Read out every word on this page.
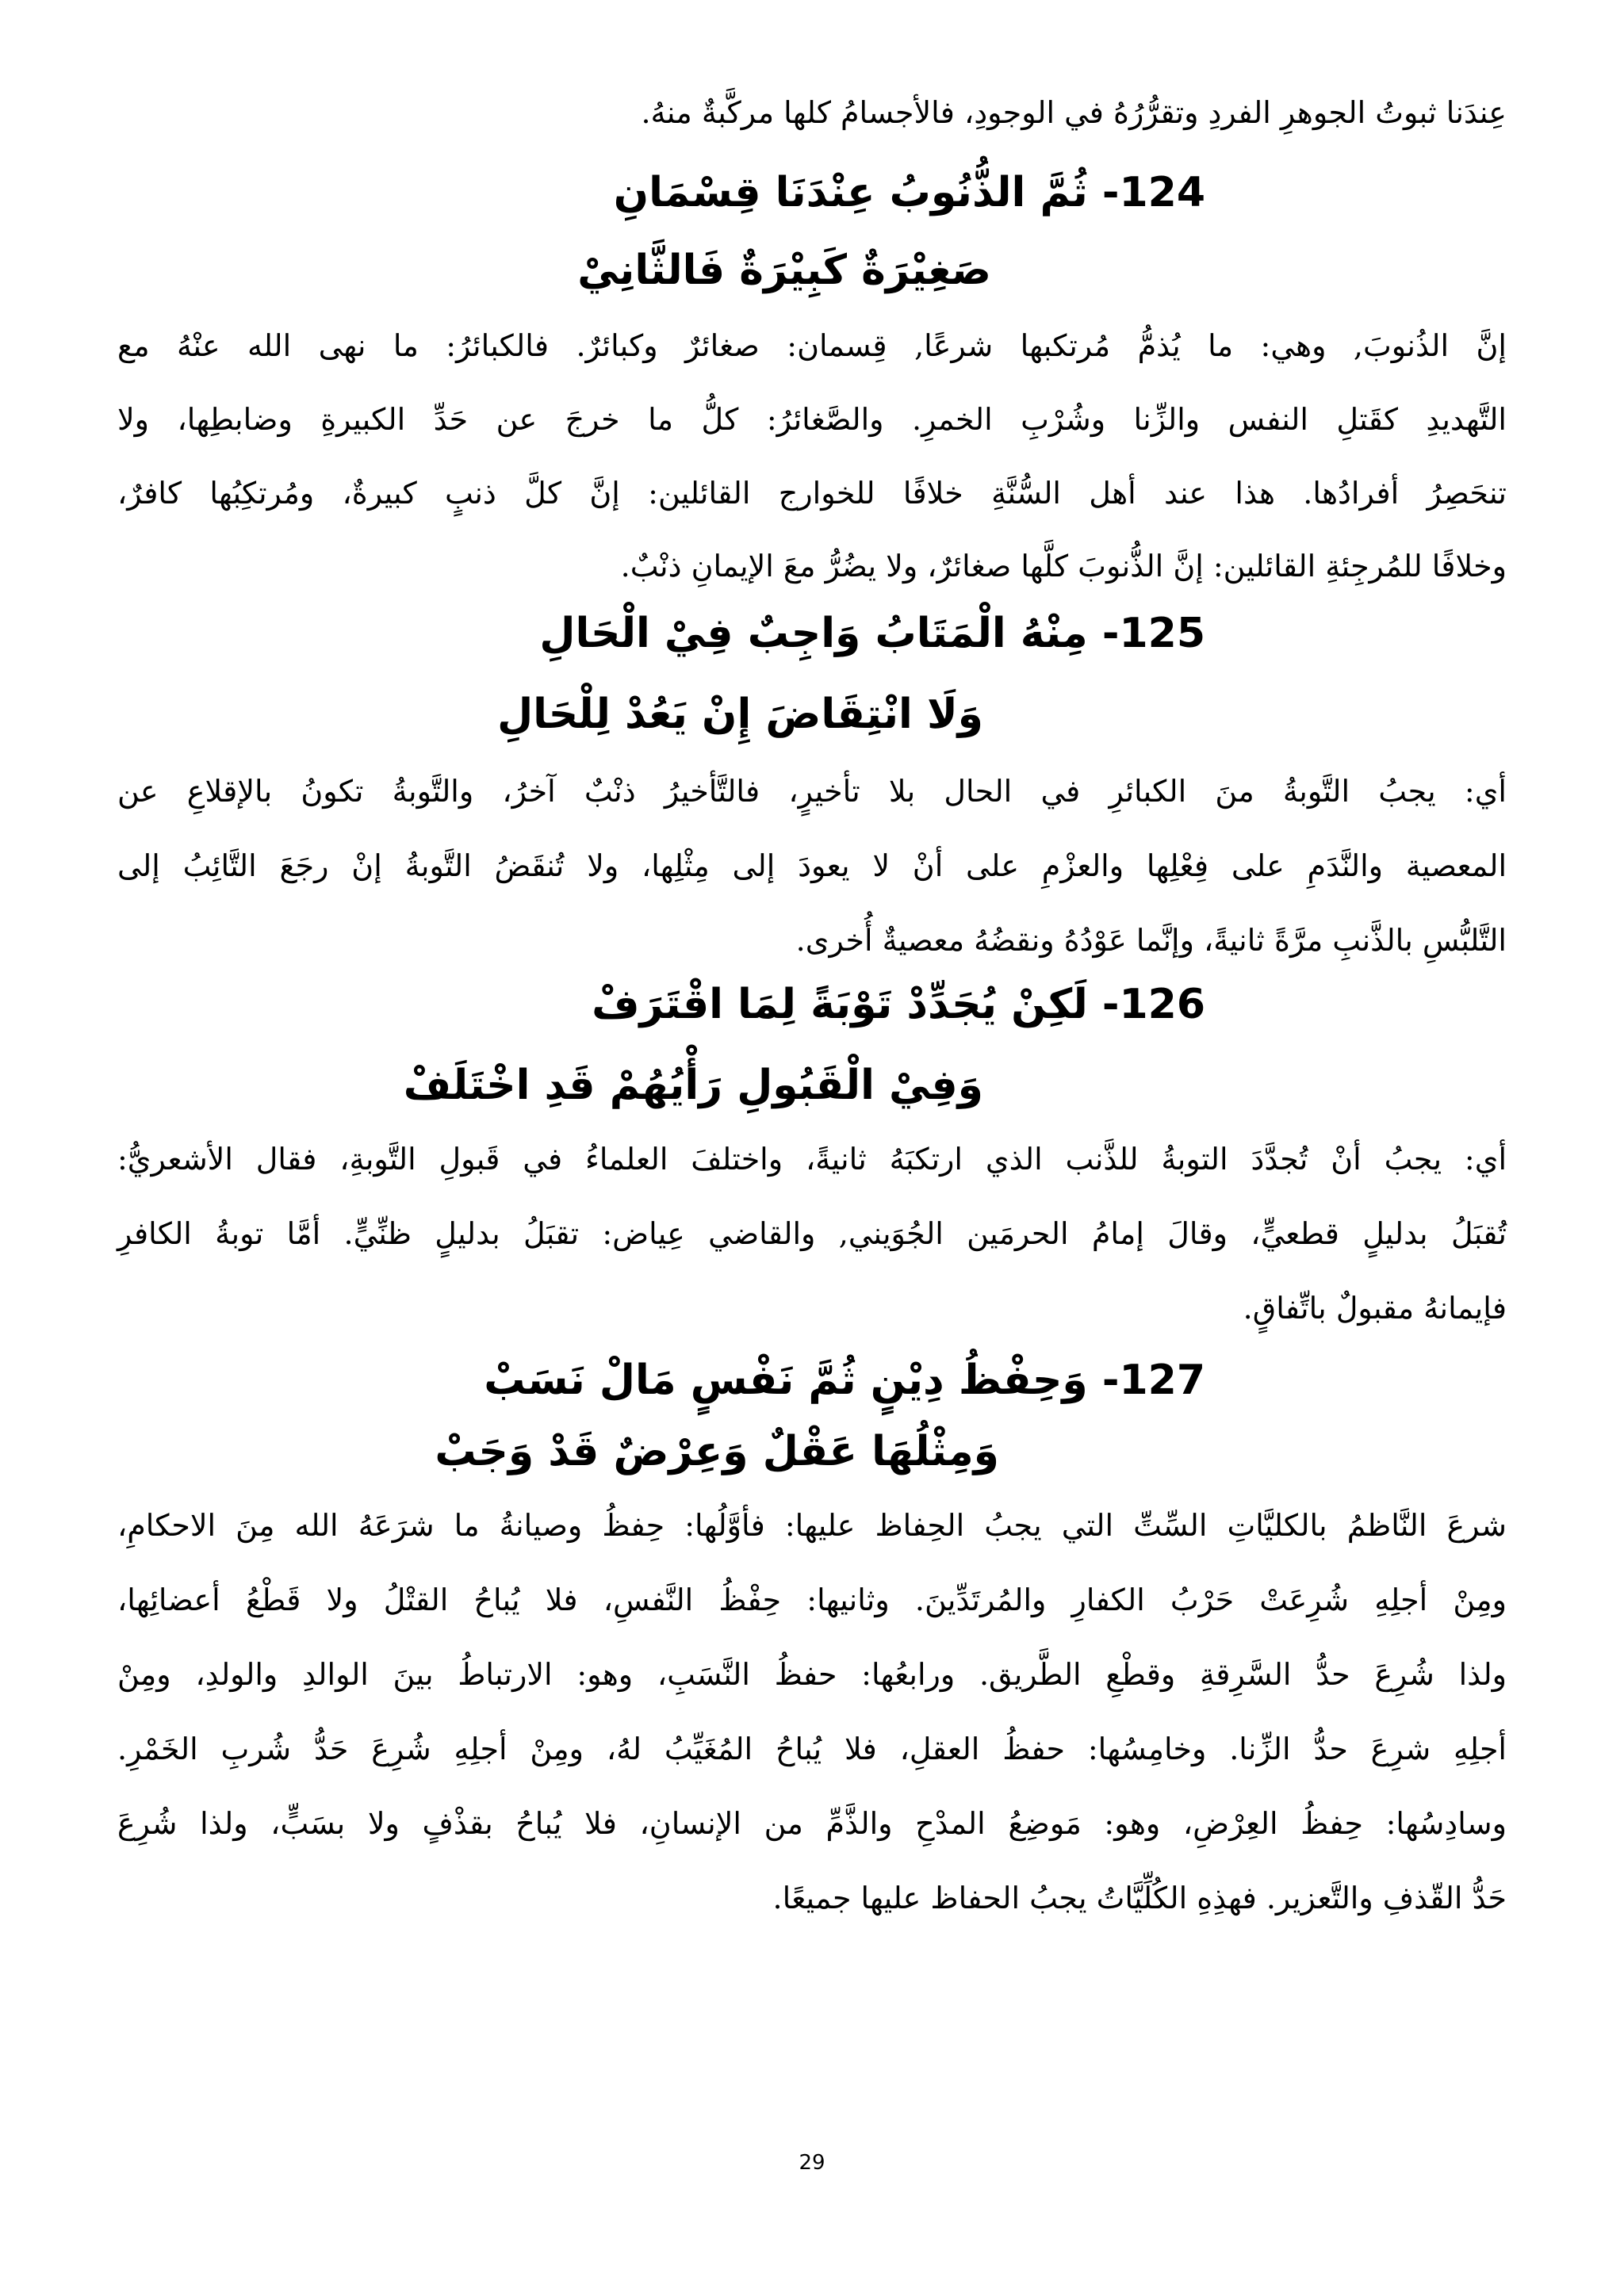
عِندَنا ثبوتُ الجوهرِ الفردِ وتقرُّرُهُ في الوجودِ، فالأجسامُ كلها مركَّبةٌ منهُ.
124- ثُمَّ الذُّنُوبُ عِنْدَنَا قِسْمَانِ
صَغِيْرَةٌ كَبِيْرَةٌ فَالثَّانِيْ
إنَّ الذُنوبَ, وهي: ما يُذمُّ مُرتكبها شرعًا, قِسمان: صغائرٌ وكبائرٌ. فالكبائرُ: ما نهى الله عنْهُ مع
التَّهديدِ كقَتلِ النفس والزِّنا وشُرْبِ الخمرِ. والصَّغائرُ: كلُّ ما خرجَ عن حَدِّ الكبيرةِ وضابطِها، ولا
تنحَصِرُ أفرادُها. هذا عند أهل السُّنَّةِ خلافًا للخوارج القائلين: إنَّ كلَّ ذنبٍ كبيرةٌ، ومُرتكِبُها كافرٌ،
وخلافًا للمُرجِئةِ القائلين: إنَّ الذُّنوبَ كلَّها صغائرٌ، ولا يضُرُّ معَ الإيمانِ ذنْبٌ.
125- مِنْهُ الْمَتَابُ وَاجِبٌ فِيْ الْحَالِ
وَلَا انْتِقَاضَ إِنْ يَعُدْ لِلْحَالِ
أي: يجبُ التَّوبةُ منَ الكبائرِ في الحال بلا تأخيرٍ، فالتَّأخيرُ ذنْبٌ آخرُ، والتَّوبةُ تكونُ بالإقلاعِ عن
المعصية والنَّدَمِ على فِعْلِها والعزْمِ على أنْ لا يعودَ إلى مِثْلِها، ولا تُنقَضُ التَّوبةُ إنْ رجَعَ التَّائِبُ إلى
التَّلبُّسِ بالذَّنبِ مرَّةً ثانيةً، وإنَّما عَوْدُهُ ونقضُهُ معصيةٌ أُخرى.
126- لَكِنْ يُجَدِّدْ تَوْبَةً لِمَا اقْتَرَفْ
وَفِيْ الْقَبُولِ رَأْيُهُمْ قَدِ اخْتَلَفْ
أي: يجبُ أنْ تُجدَّدَ التوبةُ للذَّنب الذي ارتكبَهُ ثانيةً، واختلفَ العلماءُ في قَبولِ التَّوبةِ، فقال الأشعريُّ:
تُقبَلُ بدليلٍ قطعيٍّ، وقالَ إمامُ الحرمَين الجُوَيني, والقاضي عِياض: تقبَلُ بدليلٍ ظنِّيٍّ. أمَّا توبةُ الكافرِ
فإيمانهُ مقبولٌ باتِّفاقٍ.
127- وَحِفْظُ دِيْنٍ ثُمَّ نَفْسٍ مَالْ نَسَبْ
وَمِثْلُهَا عَقْلٌ وَعِرْضٌ قَدْ وَجَبْ
شرعَ النَّاظمُ بالكليَّاتِ السِّتِّ التي يجبُ الحِفاظ عليها: فأوَّلُها: حِفظُ وصيانةُ ما شرَعَهُ الله مِنَ الاحكامِ،
ومِنْ أجلِهِ شُرِعَتْ حَرْبُ الكفارِ والمُرتَدِّينَ. وثانيها: حِفْظُ النَّفسِ، فلا يُباحُ القتْلُ ولا قَطْعُ أعضائِها،
ولذا شُرِعَ حدُّ السَّرِقةِ وقطْعِ الطَّريق. ورابعُها: حفظُ النَّسَبِ، وهو: الارتباطُ بينَ الوالدِ والولدِ، ومِنْ
أجلِهِ شرِعَ حدُّ الزِّنا. وخامِسُها: حفظُ العقلِ، فلا يُباحُ المُغَيِّبُ لهُ، ومِنْ أجلِهِ شُرِعَ حَدُّ شُربِ الخَمْرِ.
وسادِسُها: حِفظُ العِرْضِ، وهو: مَوضِعُ المدْحِ والذَّمِّ من الإنسانِ، فلا يُباحُ بقذْفٍ ولا بسَبٍّ، ولذا شُرِعَ
حَدُّ القّذفِ والتَّعزير. فهذِهِ الكُلِّيَّاتُ يجبُ الحفاظ عليها جميعًا.
29
